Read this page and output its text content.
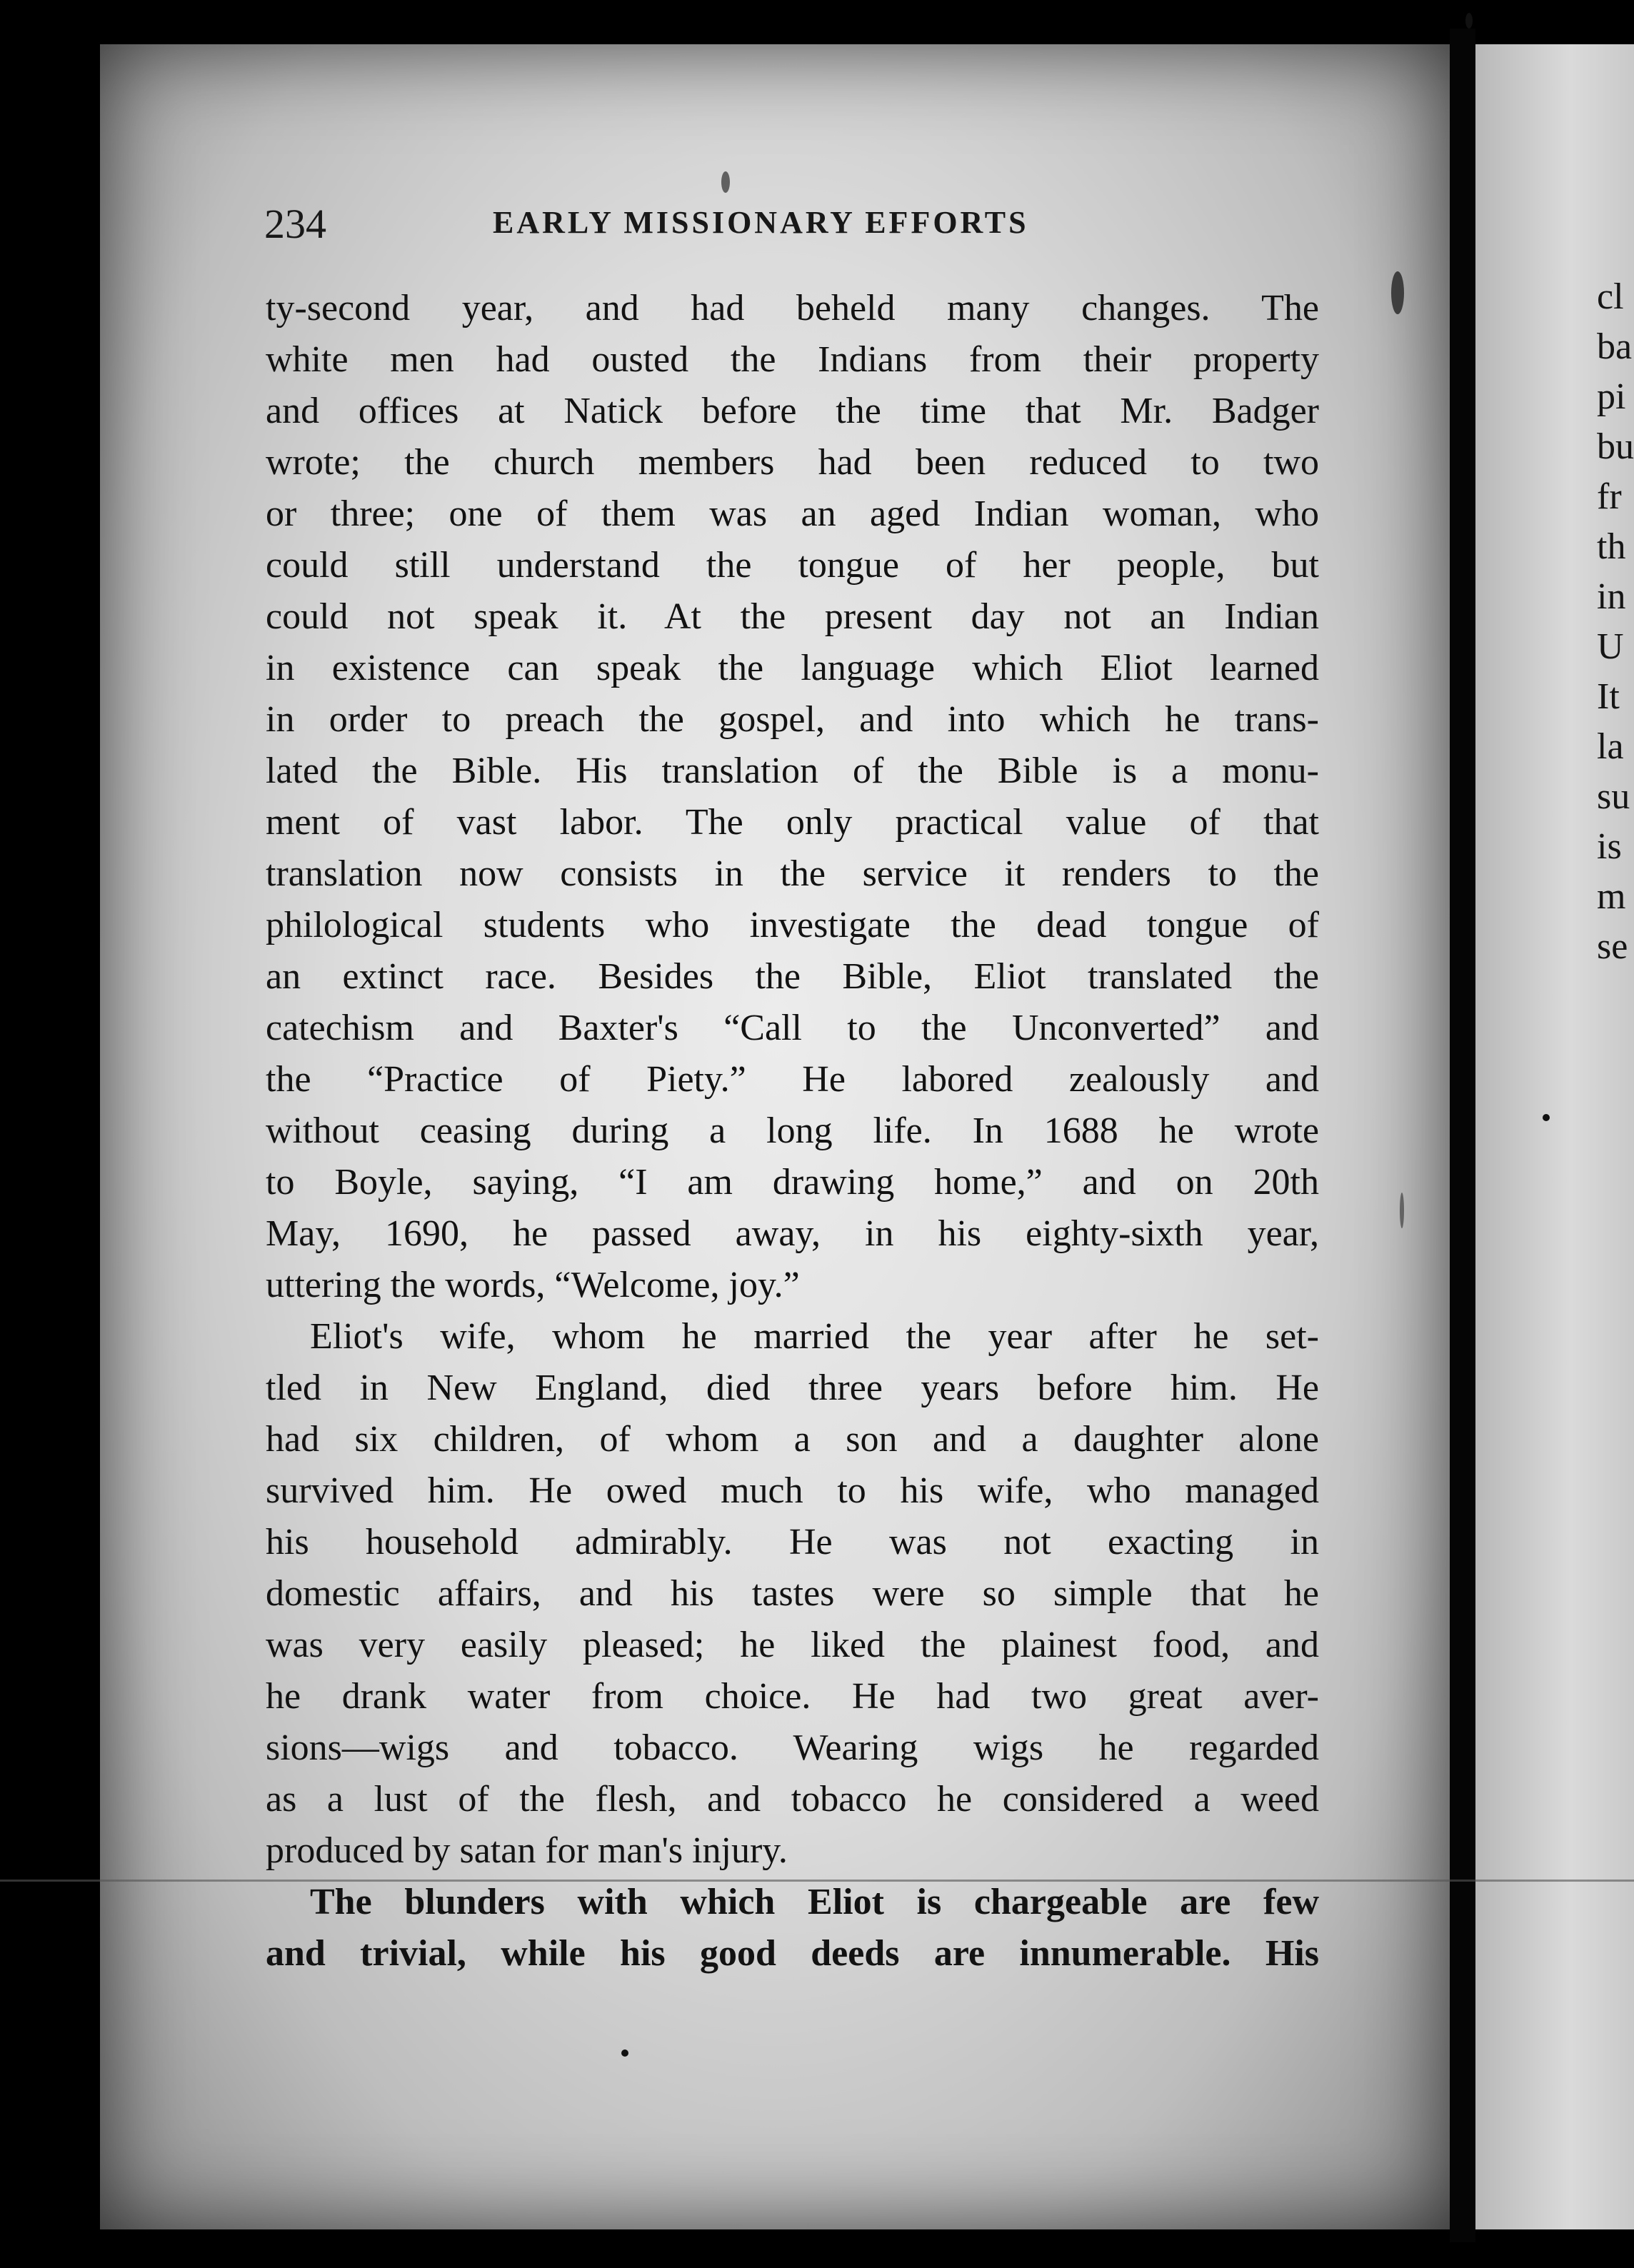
cl
ba
pi
bu
fr
th
in
U
It
la
su
is
m
se
234	EARLY MISSIONARY EFFORTS
ty-second year, and had beheld many changes. The
white men had ousted the Indians from their property
and offices at Natick before the time that Mr. Badger
wrote; the church members had been reduced to two
or three; one of them was an aged Indian woman, who
could still understand the tongue of her people, but
could not speak it. At the present day not an Indian
in existence can speak the language which Eliot learned
in order to preach the gospel, and into which he trans-
lated the Bible. His translation of the Bible is a monu-
ment of vast labor. The only practical value of that
translation now consists in the service it renders to the
philological students who investigate the dead tongue of
an extinct race. Besides the Bible, Eliot translated the
catechism and Baxter's “Call to the Unconverted” and
the “Practice of Piety.” He labored zealously and
without ceasing during a long life. In 1688 he wrote
to Boyle, saying, “I am drawing home,” and on 20th
May, 1690, he passed away, in his eighty-sixth year,
uttering the words, “Welcome, joy.”
Eliot's wife, whom he married the year after he set-
tled in New England, died three years before him. He
had six children, of whom a son and a daughter alone
survived him. He owed much to his wife, who managed
his household admirably. He was not exacting in
domestic affairs, and his tastes were so simple that he
was very easily pleased; he liked the plainest food, and
he drank water from choice. He had two great aver-
sions—wigs and tobacco. Wearing wigs he regarded
as a lust of the flesh, and tobacco he considered a weed
produced by satan for man's injury.
The blunders with which Eliot is chargeable are few
and trivial, while his good deeds are innumerable. His
